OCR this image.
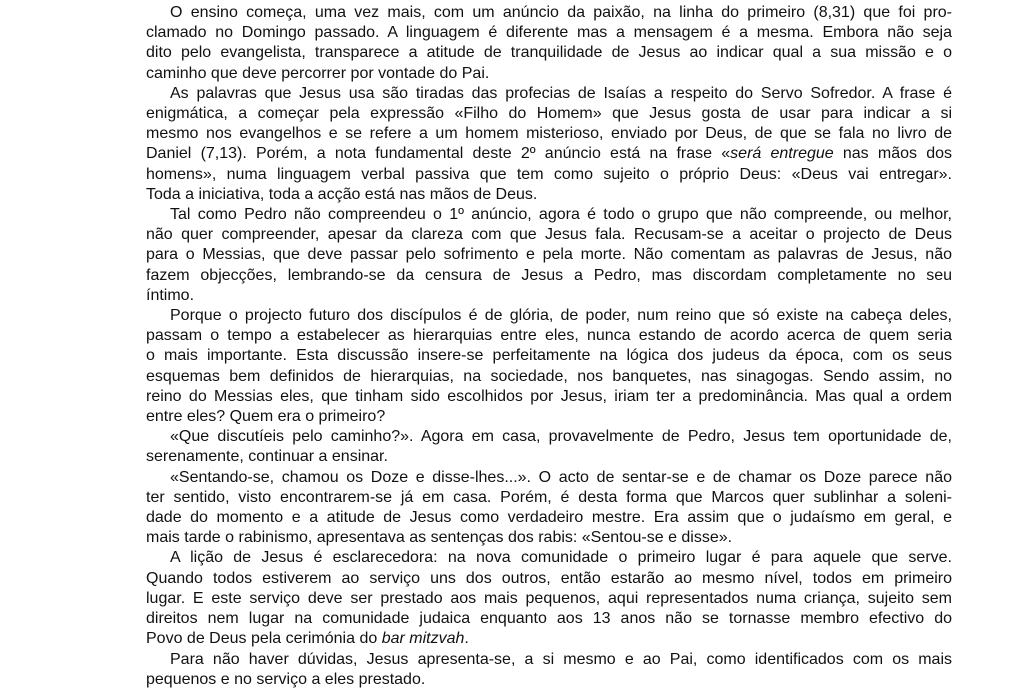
O ensino começa, uma vez mais, com um anúncio da paixão, na linha do primeiro (8,31) que foi pro-
clamado no Domingo passado. A linguagem é diferente mas a mensagem é a mesma. Embora não seja
dito pelo evangelista, transparece a atitude de tranquilidade de Jesus ao indicar qual a sua missão e o
caminho que deve percorrer por vontade do Pai.

As palavras que Jesus usa são tiradas das profecias de Isaías a respeito do Servo Sofredor. A frase é
enigmática, a começar pela expressão «Filho do Homem» que Jesus gosta de usar para indicar a si
mesmo nos evangelhos e se refere a um homem misterioso, enviado por Deus, de que se fala no livro de
Daniel (7,13). Porém, a nota fundamental deste 2º anúncio está na frase «será entregue nas mãos dos
homens», numa linguagem verbal passiva que tem como sujeito o próprio Deus: «Deus vai entregar».
Toda a iniciativa, toda a acção está nas mãos de Deus.

Tal como Pedro não compreendeu o 1º anúncio, agora é todo o grupo que não compreende, ou melhor,
não quer compreender, apesar da clareza com que Jesus fala. Recusam-se a aceitar o projecto de Deus
para o Messias, que deve passar pelo sofrimento e pela morte. Não comentam as palavras de Jesus, não
fazem objecções, lembrando-se da censura de Jesus a Pedro, mas discordam completamente no seu
íntimo.

Porque o projecto futuro dos discípulos é de glória, de poder, num reino que só existe na cabeça deles,
passam o tempo a estabelecer as hierarquias entre eles, nunca estando de acordo acerca de quem seria
o mais importante. Esta discussão insere-se perfeitamente na lógica dos judeus da época, com os seus
esquemas bem definidos de hierarquias, na sociedade, nos banquetes, nas sinagogas. Sendo assim, no
reino do Messias eles, que tinham sido escolhidos por Jesus, iriam ter a predominância. Mas qual a ordem
entre eles? Quem era o primeiro?

«Que discutíeis pelo caminho?». Agora em casa, provavelmente de Pedro, Jesus tem oportunidade de,
serenamente, continuar a ensinar.

«Sentando-se, chamou os Doze e disse-lhes...». O acto de sentar-se e de chamar os Doze parece não
ter sentido, visto encontrarem-se já em casa. Porém, é desta forma que Marcos quer sublinhar a soleni-
dade do momento e a atitude de Jesus como verdadeiro mestre. Era assim que o judaísmo em geral, e
mais tarde o rabinismo, apresentava as sentenças dos rabis: «Sentou-se e disse».

A lição de Jesus é esclarecedora: na nova comunidade o primeiro lugar é para aquele que serve.
Quando todos estiverem ao serviço uns dos outros, então estarão ao mesmo nível, todos em primeiro
lugar. E este serviço deve ser prestado aos mais pequenos, aqui representados numa criança, sujeito sem
direitos nem lugar na comunidade judaica enquanto aos 13 anos não se tornasse membro efectivo do
Povo de Deus pela cerimónia do bar mitzvah.

Para não haver dúvidas, Jesus apresenta-se, a si mesmo e ao Pai, como identificados com os mais
pequenos e no serviço a eles prestado.
